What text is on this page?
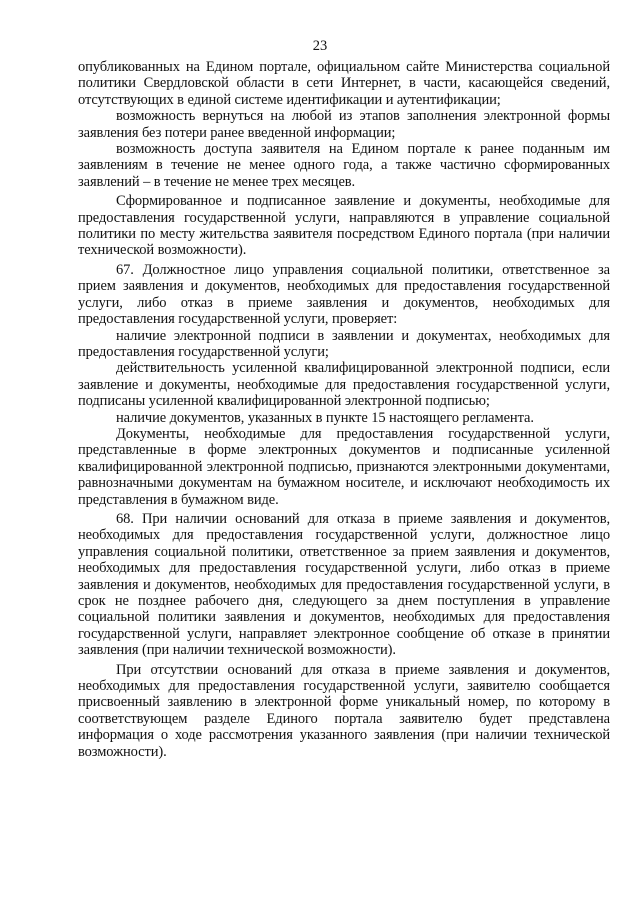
23

опубликованных на Едином портале, официальном сайте Министерства социальной политики Свердловской области в сети Интернет, в части, касающейся сведений, отсутствующих в единой системе идентификации и аутентификации;

возможность вернуться на любой из этапов заполнения электронной формы заявления без потери ранее введенной информации;

возможность доступа заявителя на Едином портале к ранее поданным им заявлениям в течение не менее одного года, а также частично сформированных заявлений – в течение не менее трех месяцев.

Сформированное и подписанное заявление и документы, необходимые для предоставления государственной услуги, направляются в управление социальной политики по месту жительства заявителя посредством Единого портала (при наличии технической возможности).

67. Должностное лицо управления социальной политики, ответственное за прием заявления и документов, необходимых для предоставления государственной услуги, либо отказ в приеме заявления и документов, необходимых для предоставления государственной услуги, проверяет:

наличие электронной подписи в заявлении и документах, необходимых для предоставления государственной услуги;

действительность усиленной квалифицированной электронной подписи, если заявление и документы, необходимые для предоставления государственной услуги, подписаны усиленной квалифицированной электронной подписью;

наличие документов, указанных в пункте 15 настоящего регламента.

Документы, необходимые для предоставления государственной услуги, представленные в форме электронных документов и подписанные усиленной квалифицированной электронной подписью, признаются электронными документами, равнозначными документам на бумажном носителе, и исключают необходимость их представления в бумажном виде.

68. При наличии оснований для отказа в приеме заявления и документов, необходимых для предоставления государственной услуги, должностное лицо управления социальной политики, ответственное за прием заявления и документов, необходимых для предоставления государственной услуги, либо отказ в приеме заявления и документов, необходимых для предоставления государственной услуги, в срок не позднее рабочего дня, следующего за днем поступления в управление социальной политики заявления и документов, необходимых для предоставления государственной услуги, направляет электронное сообщение об отказе в принятии заявления (при наличии технической возможности).

При отсутствии оснований для отказа в приеме заявления и документов, необходимых для предоставления государственной услуги, заявителю сообщается присвоенный заявлению в электронной форме уникальный номер, по которому в соответствующем разделе Единого портала заявителю будет представлена информация о ходе рассмотрения указанного заявления (при наличии технической возможности).
